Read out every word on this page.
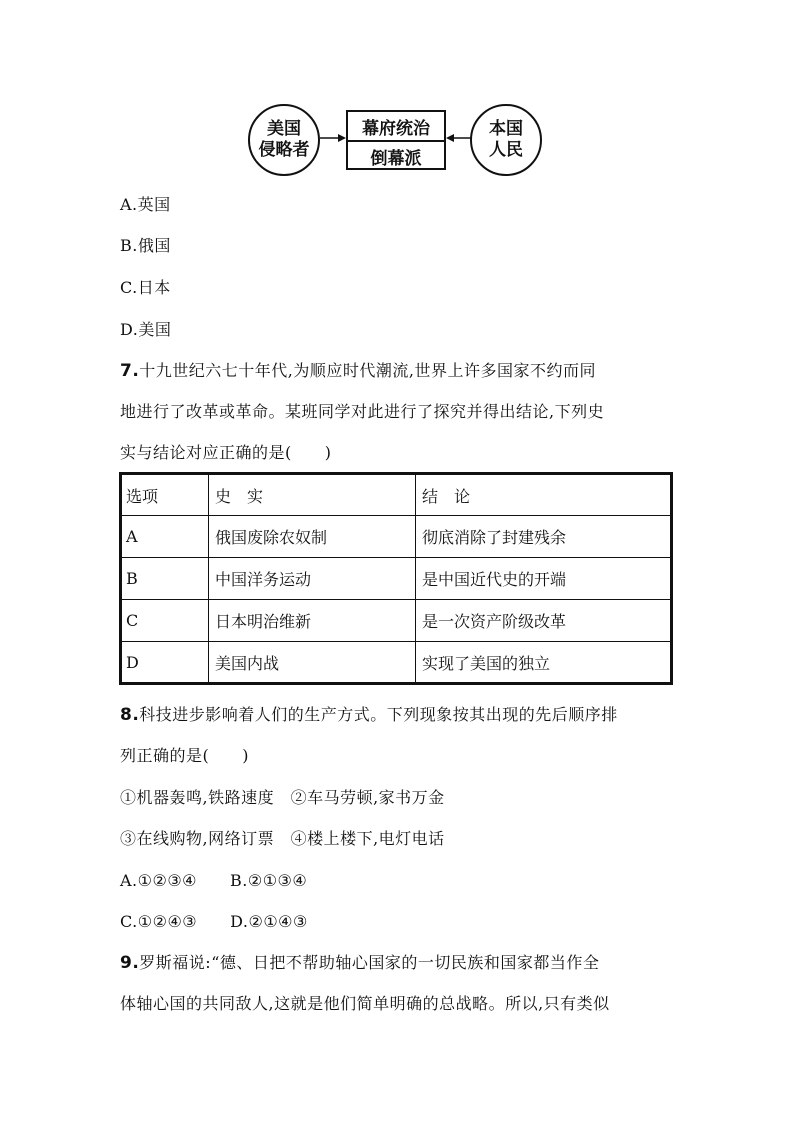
美国
侵略者
幕府统治
倒幕派
本国
人民
A.英国
B.俄国
C.日本
D.美国
7.十九世纪六七十年代,为顺应时代潮流,世界上许多国家不约而同
地进行了改革或革命。某班同学对此进行了探究并得出结论,下列史
实与结论对应正确的是(　　)
选项	史　实	结　论
A	俄国废除农奴制	彻底消除了封建残余
B	中国洋务运动	是中国近代史的开端
C	日本明治维新	是一次资产阶级改革
D	美国内战	实现了美国的独立
8.科技进步影响着人们的生产方式。下列现象按其出现的先后顺序排
列正确的是(　　)
①机器轰鸣,铁路速度　②车马劳顿,家书万金
③在线购物,网络订票　④楼上楼下,电灯电话
A.①②③④　　B.②①③④
C.①②④③　　D.②①④③
9.罗斯福说:“德、日把不帮助轴心国家的一切民族和国家都当作全
体轴心国的共同敌人,这就是他们简单明确的总战略。所以,只有类似
